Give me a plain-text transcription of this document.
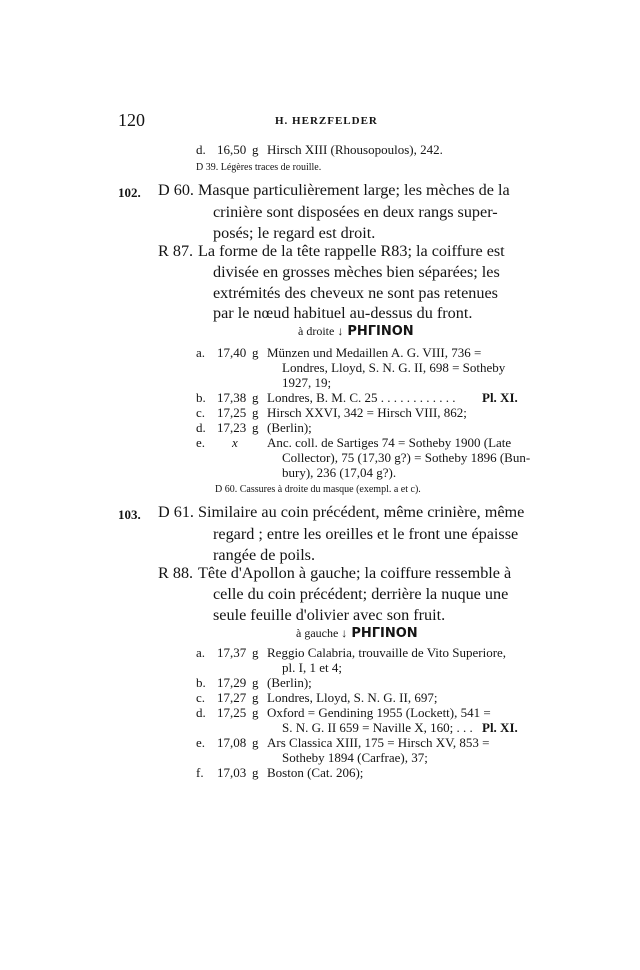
120	H. HERZFELDER
d. 16,50 g Hirsch XIII (Rhousopoulos), 242.
D 39. Légères traces de rouille.
102. D 60. Masque particulièrement large; les mèches de la
crinière sont disposées en deux rangs super-
posés; le regard est droit.
R 87. La forme de la tête rappelle R83; la coiffure est
divisée en grosses mèches bien séparées; les
extrémités des cheveux ne sont pas retenues
par le nœud habituel au-dessus du front.
à droite ↓ ΡΗΓΙΝΟΝ
a. 17,40 g Münzen und Medaillen A. G. VIII, 736 =
Londres, Lloyd, S. N. G. II, 698 = Sotheby
1927, 19;
b. 17,38 g Londres, B. M. C. 25 . . . . . . . . . . . . Pl. XI.
c. 17,25 g Hirsch XXVI, 342 = Hirsch VIII, 862;
d. 17,23 g (Berlin);
e. x Anc. coll. de Sartiges 74 = Sotheby 1900 (Late
Collector), 75 (17,30 g?) = Sotheby 1896 (Bun-
bury), 236 (17,04 g?).
D 60. Cassures à droite du masque (exempl. a et c).
103. D 61. Similaire au coin précédent, même crinière, même
regard ; entre les oreilles et le front une épaisse
rangée de poils.
R 88. Tête d'Apollon à gauche; la coiffure ressemble à
celle du coin précédent; derrière la nuque une
seule feuille d'olivier avec son fruit.
à gauche ↓ ΡΗΓΙΝΟΝ
a. 17,37 g Reggio Calabria, trouvaille de Vito Superiore,
pl. I, 1 et 4;
b. 17,29 g (Berlin);
c. 17,27 g Londres, Lloyd, S. N. G. II, 697;
d. 17,25 g Oxford = Gendining 1955 (Lockett), 541 =
S. N. G. II 659 = Naville X, 160; . . . Pl. XI.
e. 17,08 g Ars Classica XIII, 175 = Hirsch XV, 853 =
Sotheby 1894 (Carfrae), 37;
f. 17,03 g Boston (Cat. 206);
